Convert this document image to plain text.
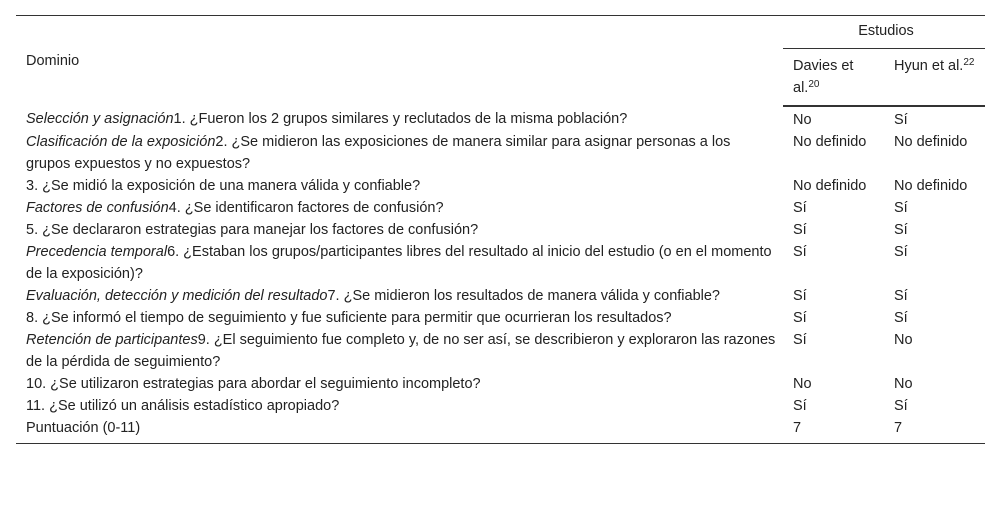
Dominio	Estudios	
	Davies et al.$^{20}$	Hyun et al.$^{22}$
Selección y asignación1. ¿Fueron los 2 grupos similares y reclutados de la misma población?	No	Sí
Clasificación de la exposición2. ¿Se midieron las exposiciones de manera similar para asignar personas a los grupos expuestos y no expuestos?	No definido	No definido
3. ¿Se midió la exposición de una manera válida y confiable?	No definido	No definido
Factores de confusión4. ¿Se identificaron factores de confusión?	Sí	Sí
5. ¿Se declararon estrategias para manejar los factores de confusión?	Sí	Sí
Precedencia temporal6. ¿Estaban los grupos/participantes libres del resultado al inicio del estudio (o en el momento de la exposición)?	Sí	Sí
Evaluación, detección y medición del resultado7. ¿Se midieron los resultados de manera válida y confiable?	Sí	Sí
8. ¿Se informó el tiempo de seguimiento y fue suficiente para permitir que ocurrieran los resultados?	Sí	Sí
Retención de participantes9. ¿El seguimiento fue completo y, de no ser así, se describieron y exploraron las razones de la pérdida de seguimiento?	Sí	No
10. ¿Se utilizaron estrategias para abordar el seguimiento incompleto?	No	No
11. ¿Se utilizó un análisis estadístico apropiado?	Sí	Sí
Puntuación (0-11)	7	7
